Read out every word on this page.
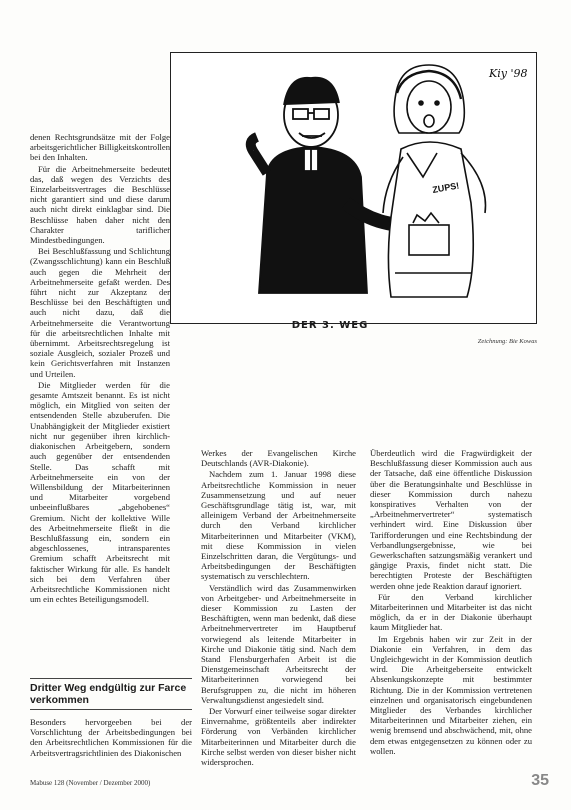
ZUPS!
Kiy '98
DER 3. WEG
Zeichnung: Bie Kowas

denen Rechtsgrundsätze mit der Folge arbeitsgerichtlicher Billigkeitskontrollen bei den Inhalten.

Für die Arbeitnehmerseite bedeutet das, daß wegen des Verzichts des Einzelarbeitsvertrages die Beschlüsse nicht garantiert sind und diese darum auch nicht direkt einklagbar sind. Die Beschlüsse haben daher nicht den Charakter tariflicher Mindestbedingungen.

Bei Beschlußfassung und Schlichtung (Zwangsschlichtung) kann ein Beschluß auch gegen die Mehrheit der Arbeitnehmerseite gefaßt werden. Des führt nicht zur Akzeptanz der Beschlüsse bei den Beschäftigten und auch nicht dazu, daß die Arbeitnehmerseite die Verantwortung für die arbeitsrechtlichen Inhalte mit übernimmt. Arbeitsrechtsregelung ist soziale Ausgleich, sozialer Prozeß und kein Gerichtsverfahren mit Instanzen und Urteilen.

Die Mitglieder werden für die gesamte Amtszeit benannt. Es ist nicht möglich, ein Mitglied von seiten der entsendenden Stelle abzuberufen. Die Unabhängigkeit der Mitglieder existiert nicht nur gegenüber ihren kirchlich-diakonischen Arbeitgebern, sondern auch gegenüber der entsendenden Stelle. Das schafft mit Arbeitnehmerseite ein von der Willensbildung der Mitarbeiterinnen und Mitarbeiter vorgebend unbeeinflußbares „abgehobenes“ Gremium. Nicht der kollektive Wille des Arbeitnehmerseite fließt in die Beschlußfassung ein, sondern ein abgeschlossenes, intransparentes Gremium schafft Arbeitsrecht mit faktischer Wirkung für alle. Es handelt sich bei dem Verfahren über Arbeitsrechtliche Kommissionen nicht um ein echtes Beteiligungsmodell.

Dritter Weg endgültig zur Farce verkommen

Besonders hervorgeeben bei der Vorschlichtung der Arbeitsbedingungen bei den Arbeitsrechtlichen Kommissionen für die Arbeitsvertragsrichtlinien des Diakonischen

Werkes der Evangelischen Kirche Deutschlands (AVR-Diakonie).

Nachdem zum 1. Januar 1998 diese Arbeitsrechtliche Kommission in neuer Zusammensetzung und auf neuer Geschäftsgrundlage tätig ist, war, mit alleinigem Verband der Arbeitnehmerseite durch den Verband kirchlicher Mitarbeiterinnen und Mitarbeiter (VKM), mit diese Kommission in vielen Einzelschritten daran, die Vergütungs- und Arbeitsbedingungen der Beschäftigten systematisch zu verschlechtern.

Verständlich wird das Zusammenwirken von Arbeitgeber- und Arbeitnehmerseite in dieser Kommission zu Lasten der Beschäftigten, wenn man bedenkt, daß diese Arbeitnehmervertreter im Hauptberuf vorwiegend als leitende Mitarbeiter in Kirche und Diakonie tätig sind. Nach dem Stand Flensburgerhafen Arbeit ist die Dienstgemeinschaft Arbeitsrecht der Mitarbeiterinnen vorwiegend bei Berufsgruppen zu, die nicht im höheren Verwaltungsdienst angesiedelt sind.

Der Vorwurf einer teilweise sogar direkter Einvernahme, größtenteils aber indirekter Förderung von Verbänden kirchlicher Mitarbeiterinnen und Mitarbeiter durch die Kirche selbst werden von dieser bisher nicht widersprochen.

Überdeutlich wird die Fragwürdigkeit der Beschlußfassung dieser Kommission auch aus der Tatsache, daß eine öffentliche Diskussion über die Beratungsinhalte und Beschlüsse in dieser Kommission durch nahezu konspiratives Verhalten von der „Arbeitnehmervertreter“ systematisch verhindert wird. Eine Diskussion über Tarifforderungen und eine Rechtsbindung der Verbandlungsergebnisse, wie bei Gewerkschaften satzungsmäßig verankert und gängige Praxis, findet nicht statt. Die berechtigten Proteste der Beschäftigten werden ohne jede Reaktion darauf ignoriert.

Für den Verband kirchlicher Mitarbeiterinnen und Mitarbeiter ist das nicht möglich, da er in der Diakonie überhaupt kaum Mitglieder hat.

Im Ergebnis haben wir zur Zeit in der Diakonie ein Verfahren, in dem das Ungleichgewicht in der Kommission deutlich wird. Die Arbeitgeberseite entwickelt Absenkungskonzepte mit bestimmter Richtung. Die in der Kommission vertretenen einzelnen und organisatorisch eingebundenen Mitglieder des Verbandes kirchlicher Mitarbeiterinnen und Mitarbeiter ziehen, ein wenig bremsend und abschwächend, mit, ohne dem etwas entgegensetzen zu können oder zu wollen.

Mabuse 128 (November / Dezember 2000)	35
